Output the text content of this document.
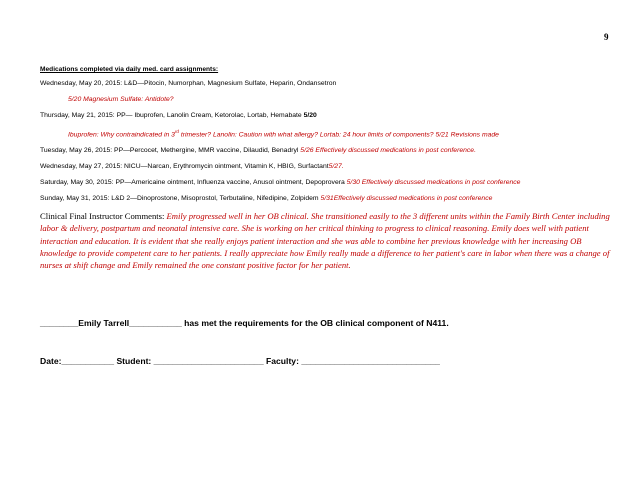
9
Medications completed via daily med. card assignments:
Wednesday, May 20, 2015: L&D—Pitocin, Numorphan, Magnesium Sulfate, Heparin, Ondansetron
5/20 Magnesium Sulfate: Antidote?
Thursday, May 21, 2015: PP— Ibuprofen, Lanolin Cream, Ketorolac, Lortab, Hemabate 5/20
Ibuprofen: Why contraindicated in 3rd trimester? Lanolin: Caution with what allergy? Lortab: 24 hour limits of components? 5/21 Revisions made
Tuesday, May 26, 2015: PP—Percocet, Methergine, MMR vaccine, Dilaudid, Benadryl 5/26 Effectively discussed medications in post conference.
Wednesday, May 27, 2015: NICU—Narcan, Erythromycin ointment, Vitamin K, HBIG, Surfactant5/27.
Saturday, May 30, 2015: PP—Americaine ointment, Influenza vaccine, Anusol ointment, Depoprovera 5/30 Effectively discussed medications in post conference
Sunday, May 31, 2015: L&D 2—Dinoprostone, Misoprostol, Terbutaline, Nifedipine, Zolpidem 5/31Effectively discussed medications in post conference
Clinical Final Instructor Comments: Emily progressed well in her OB clinical. She transitioned easily to the 3 different units within the Family Birth Center including labor & delivery, postpartum and neonatal intensive care. She is working on her critical thinking to progress to clinical reasoning. Emily does well with patient interaction and education. It is evident that she really enjoys patient interaction and she was able to combine her previous knowledge with her increasing OB knowledge to provide competent care to her patients. I really appreciate how Emily really made a difference to her patient's care in labor when there was a change of nurses at shift change and Emily remained the one constant positive factor for her patient.
________Emily Tarrell___________ has met the requirements for the OB clinical component of N411.
Date:___________ Student: _______________________ Faculty: _____________________________
